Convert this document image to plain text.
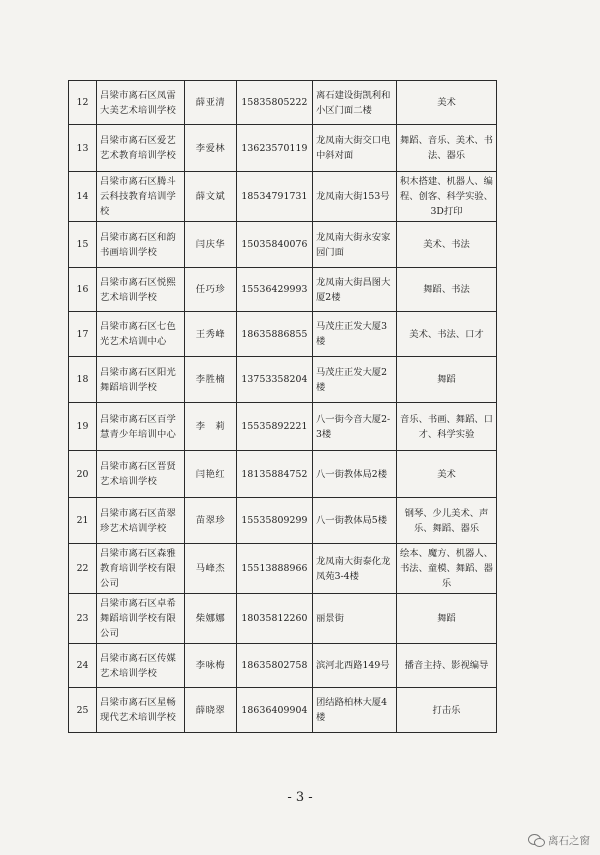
12	吕梁市离石区凤雷大美艺术培训学校	薛亚清	15835805222	离石建设街凯利和小区门面二楼	美术
13	吕梁市离石区爱艺艺术教育培训学校	李爱林	13623570119	龙凤南大街交口电中斜对面	舞蹈、音乐、美术、书法、器乐
14	吕梁市离石区腾斗云科技教育培训学校	薛文斌	18534791731	龙凤南大街153号	积木搭建、机器人、编程、创客、科学实验、3D打印
15	吕梁市离石区和韵书画培训学校	闫庆华	15035840076	龙凤南大街永安家园门面	美术、书法
16	吕梁市离石区悦熙艺术培训学校	任巧珍	15536429993	龙凤南大街昌图大厦2楼	舞蹈、书法
17	吕梁市离石区七色光艺术培训中心	王秀峰	18635886855	马茂庄正发大厦3楼	美术、书法、口才
18	吕梁市离石区阳光舞蹈培训学校	李胜楠	13753358204	马茂庄正发大厦2楼	舞蹈
19	吕梁市离石区百学慧青少年培训中心	李　莉	15535892221	八一街今音大厦2-3楼	音乐、书画、舞蹈、口才、科学实验
20	吕梁市离石区晋贤艺术培训学校	闫艳红	18135884752	八一街教体局2楼	美术
21	吕梁市离石区苗翠珍艺术培训学校	苗翠珍	15535809299	八一街教体局5楼	钢琴、少儿美术、声乐、舞蹈、器乐
22	吕梁市离石区森雅教育培训学校有限公司	马峰杰	15513888966	龙凤南大街泰化龙凤苑3-4楼	绘本、魔方、机器人、书法、童模、舞蹈、器乐
23	吕梁市离石区卓希舞蹈培训学校有限公司	柴娜娜	18035812260	丽景街	舞蹈
24	吕梁市离石区传媒艺术培训学校	李咏梅	18635802758	滨河北西路149号	播音主持、影视编导
25	吕梁市离石区星畅现代艺术培训学校	薛晓翠	18636409904	团结路柏林大厦4楼	打击乐
- 3 -
离石之窗
